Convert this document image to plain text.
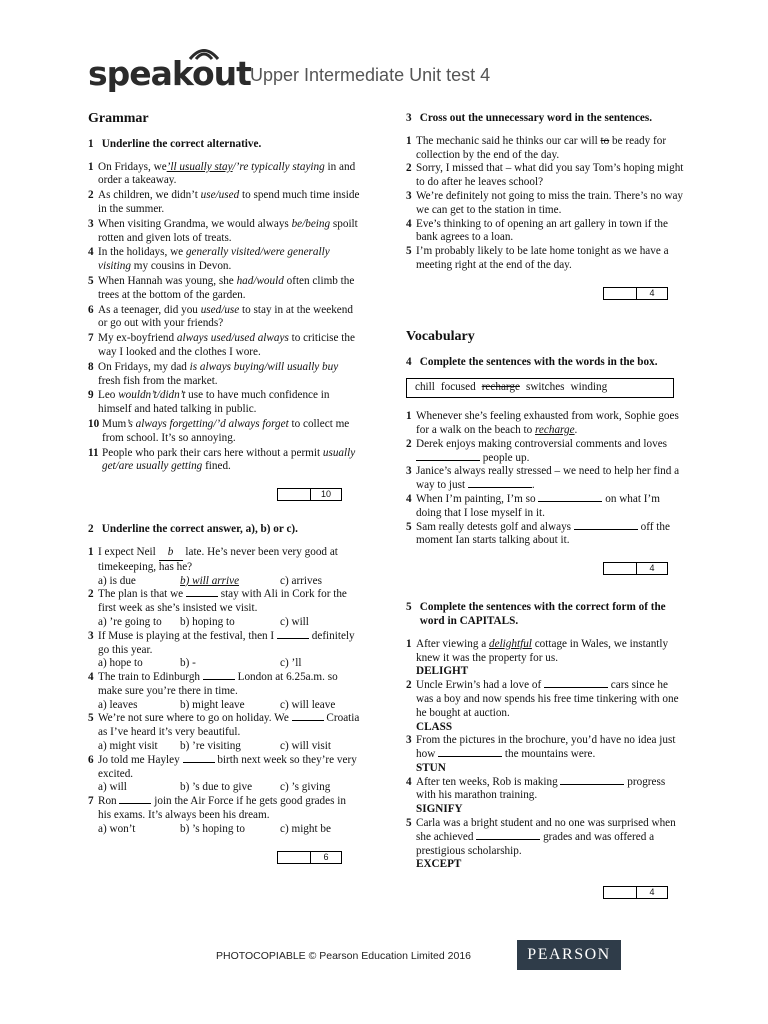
speakout Upper Intermediate Unit test 4
Grammar
1
Underline the correct alternative.
1 On Fridays, we’ll usually stay/’re typically staying in and order a takeaway.
2 As children, we didn’t use/used to spend much time inside in the summer.
3 When visiting Grandma, we would always be/being spoilt rotten and given lots of treats.
4 In the holidays, we generally visited/were generally visiting my cousins in Devon.
5 When Hannah was young, she had/would often climb the trees at the bottom of the garden.
6 As a teenager, did you used/use to stay in at the weekend or go out with your friends?
7 My ex-boyfriend always used/used always to criticise the way I looked and the clothes I wore.
8 On Fridays, my dad is always buying/will usually buy fresh fish from the market.
9 Leo wouldn’t/didn’t use to have much confidence in himself and hated talking in public.
10 Mum’s always forgetting/’d always forget to collect me from school. It’s so annoying.
11 People who park their cars here without a permit usually get/are usually getting fined.
10
2
Underline the correct answer, a), b) or c).
1 I expect Neil b late. He’s never been very good at timekeeping, has he?
a) is due	b) will arrive	c) arrives
2 The plan is that we	stay with Ali in Cork for the first week as she’s insisted we visit.
a) ’re going to	b) hoping to	c) will
3 If Muse is playing at the festival, then I	definitely go this year.
a) hope to	b) -	c) ’ll
4 The train to Edinburgh	London at 6.25a.m. so make sure you’re there in time.
a) leaves	b) might leave	c) will leave
5 We’re not sure where to go on holiday. We	Croatia as I’ve heard it’s very beautiful.
a) might visit	b) ’re visiting	c) will visit
6 Jo told me Hayley	birth next week so they’re very excited.
a) will	b) ’s due to give	c) ’s giving
7 Ron	join the Air Force if he gets good grades in his exams. It’s always been his dream.
a) won’t	b) ’s hoping to	c) might be
6
3
Cross out the unnecessary word in the sentences.
1 The mechanic said he thinks our car will to be ready for collection by the end of the day.
2 Sorry, I missed that – what did you say Tom’s hoping might to do after he leaves school?
3 We’re definitely not going to miss the train. There’s no way we can get to the station in time.
4 Eve’s thinking to of opening an art gallery in town if the bank agrees to a loan.
5 I’m probably likely to be late home tonight as we have a meeting right at the end of the day.
4
Vocabulary
4
Complete the sentences with the words in the box.
chill focused recharge switches winding
1 Whenever she’s feeling exhausted from work, Sophie goes for a walk on the beach to recharge.
2 Derek enjoys making controversial comments and loves  people up.
3 Janice’s always really stressed – we need to help her find a way to just	.
4 When I’m painting, I’m so	on what I’m doing that I lose myself in it.
5 Sam really detests golf and always	off the moment Ian starts talking about it.
4
5
Complete the sentences with the correct form of the word in CAPITALS.
1 After viewing a delightful cottage in Wales, we instantly knew it was the property for us.
DELIGHT
2 Uncle Erwin’s had a love of	cars since he was a boy and now spends his free time tinkering with one he bought at auction.
CLASS
3 From the pictures in the brochure, you’d have no idea just how	the mountains were.
STUN
4 After ten weeks, Rob is making	progress with his marathon training.
SIGNIFY
5 Carla was a bright student and no one was surprised when she achieved	grades and was offered a prestigious scholarship.
EXCEPT
4
PHOTOCOPIABLE © Pearson Education Limited 2016	PEARSON
